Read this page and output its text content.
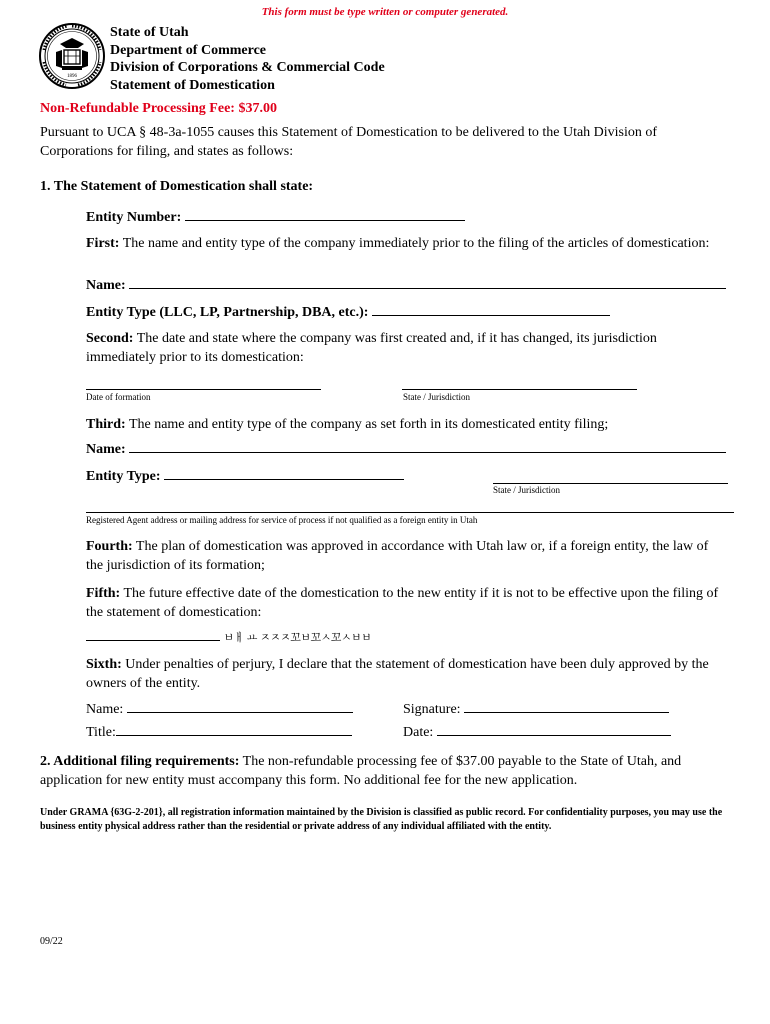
This form must be type written or computer generated.
1896
State of Utah
Department of Commerce
Division of Corporations & Commercial Code
Statement of Domestication
Non-Refundable Processing Fee: $37.00
Pursuant to UCA § 48-3a-1055 causes this Statement of Domestication to be delivered to the Utah Division of Corporations for filing, and states as follows:
1. The Statement of Domestication shall state:
Entity Number:
First: The name and entity type of the company immediately prior to the filing of the articles of domestication:
Name:
Entity Type (LLC, LP, Partnership, DBA, etc.):
Second: The date and state where the company was first created and, if it has changed, its jurisdiction immediately prior to its domestication:
Date of formation	State / Jurisdiction
Third: The name and entity type of the company as set forth in its domesticated entity filing;
Name:
Entity Type:
State / Jurisdiction
Registered Agent address or mailing address for service of process if not qualified as a foreign entity in Utah
Fourth: The plan of domestication was approved in accordance with Utah law or, if a foreign entity, the law of the jurisdiction of its formation;
Fifth: The future effective date of the domestication to the new entity if it is not to be effective upon the filing of the statement of domestication:
ㅂㅐ ㅛ ㅈㅈㅈ꼬ㅂ꼬ㅅ꼬ㅅㅂㅂ
Sixth: Under penalties of perjury, I declare that the statement of domestication have been duly approved by the owners of the entity.
Name:	Signature:
Title:	Date:
2. Additional filing requirements: The non-refundable processing fee of $37.00 payable to the State of Utah, and application for new entity must accompany this form. No additional fee for the new application.
Under GRAMA {63G-2-201}, all registration information maintained by the Division is classified as public record. For confidentiality purposes, you may use the business entity physical address rather than the residential or private address of any individual affiliated with the entity.
09/22
